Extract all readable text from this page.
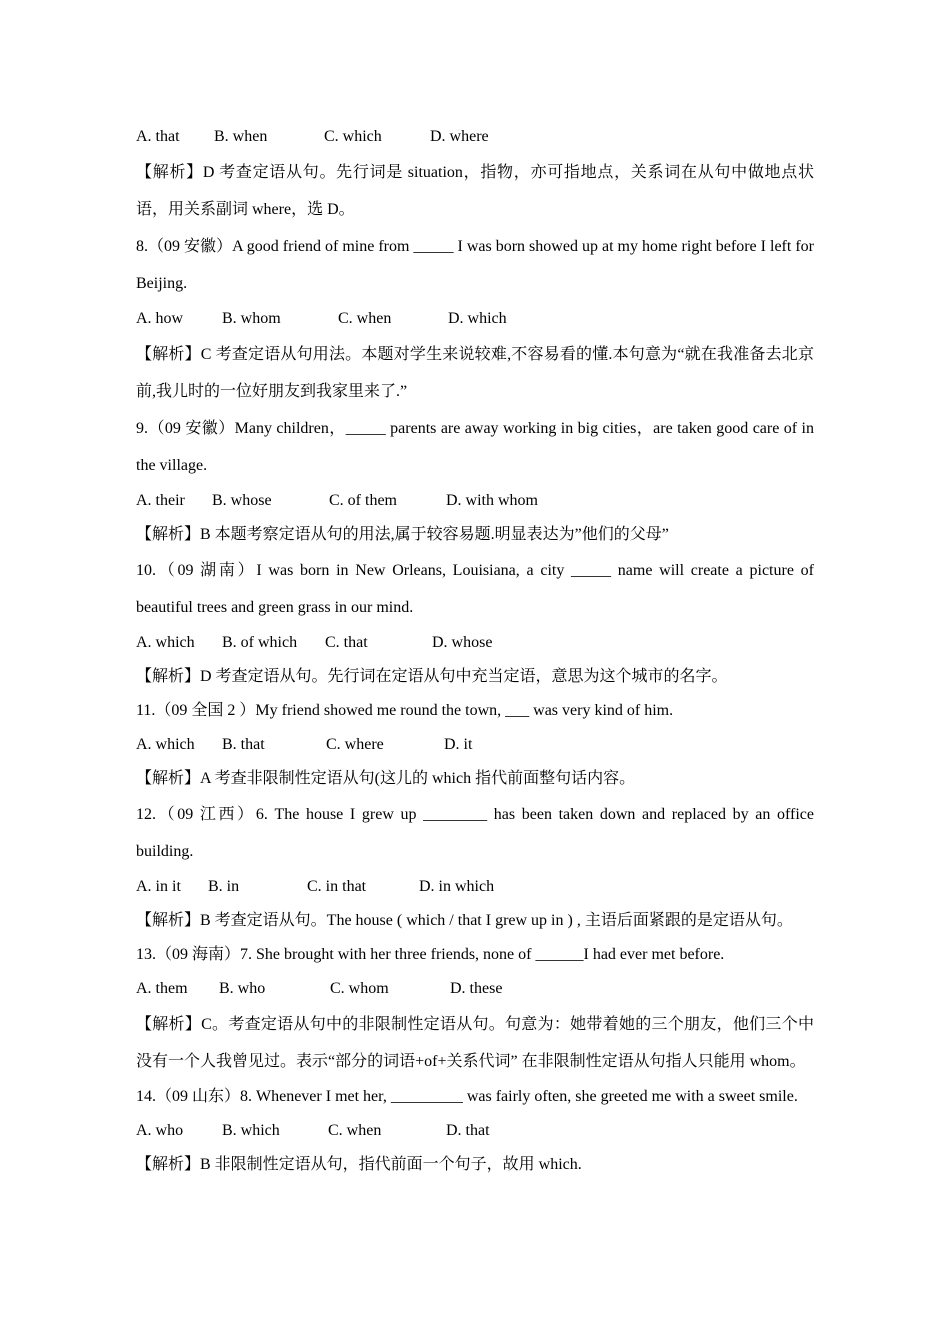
A. that	B. when	C. which	D. where
【解析】D 考查定语从句。先行词是 situation，指物，亦可指地点，关系词在从句中做地点状语，用关系副词 where，选 D。
8.（09 安徽）A good friend of mine from _____ I was born showed up at my home right before I left for Beijing.
A. how	B. whom	C. when	D. which
【解析】C 考查定语从句用法。本题对学生来说较难,不容易看的懂.本句意为“就在我准备去北京前,我儿时的一位好朋友到我家里来了.”
9.（09 安徽）Many children，_____ parents are away working in big cities，are taken good care of in the village.
A. their	B. whose	C. of them	D. with whom
【解析】B 本题考察定语从句的用法,属于较容易题.明显表达为”他们的父母”
10.（09 湖南）I was born in New Orleans, Louisiana, a city _____ name will create a picture of beautiful trees and green grass in our mind.
A. which	B. of which	C. that	D. whose
【解析】D 考查定语从句。先行词在定语从句中充当定语，意思为这个城市的名字。
11.（09 全国 2 ）My friend showed me round the town, ___ was very kind of him.
A. which	B. that	C. where	D. it
【解析】A 考查非限制性定语从句(这儿的 which 指代前面整句话内容。
12.（09 江西）6. The house I grew up ________ has been taken down and replaced by an office building.
A. in it	B. in	C. in that	D. in which
【解析】B 考查定语从句。The house ( which / that I grew up in ) , 主语后面紧跟的是定语从句。
13.（09 海南）7. She brought with her three friends, none of ______I had ever met before.
A. them	B. who	C. whom	D. these
【解析】C。考查定语从句中的非限制性定语从句。句意为：她带着她的三个朋友，他们三个中没有一个人我曾见过。表示“部分的词语+of+关系代词” 在非限制性定语从句指人只能用 whom。
14.（09 山东）8. Whenever I met her, _________ was fairly often, she greeted me with a sweet smile.
A. who	B. which	C. when	D. that
【解析】B 非限制性定语从句，指代前面一个句子，故用 which.
